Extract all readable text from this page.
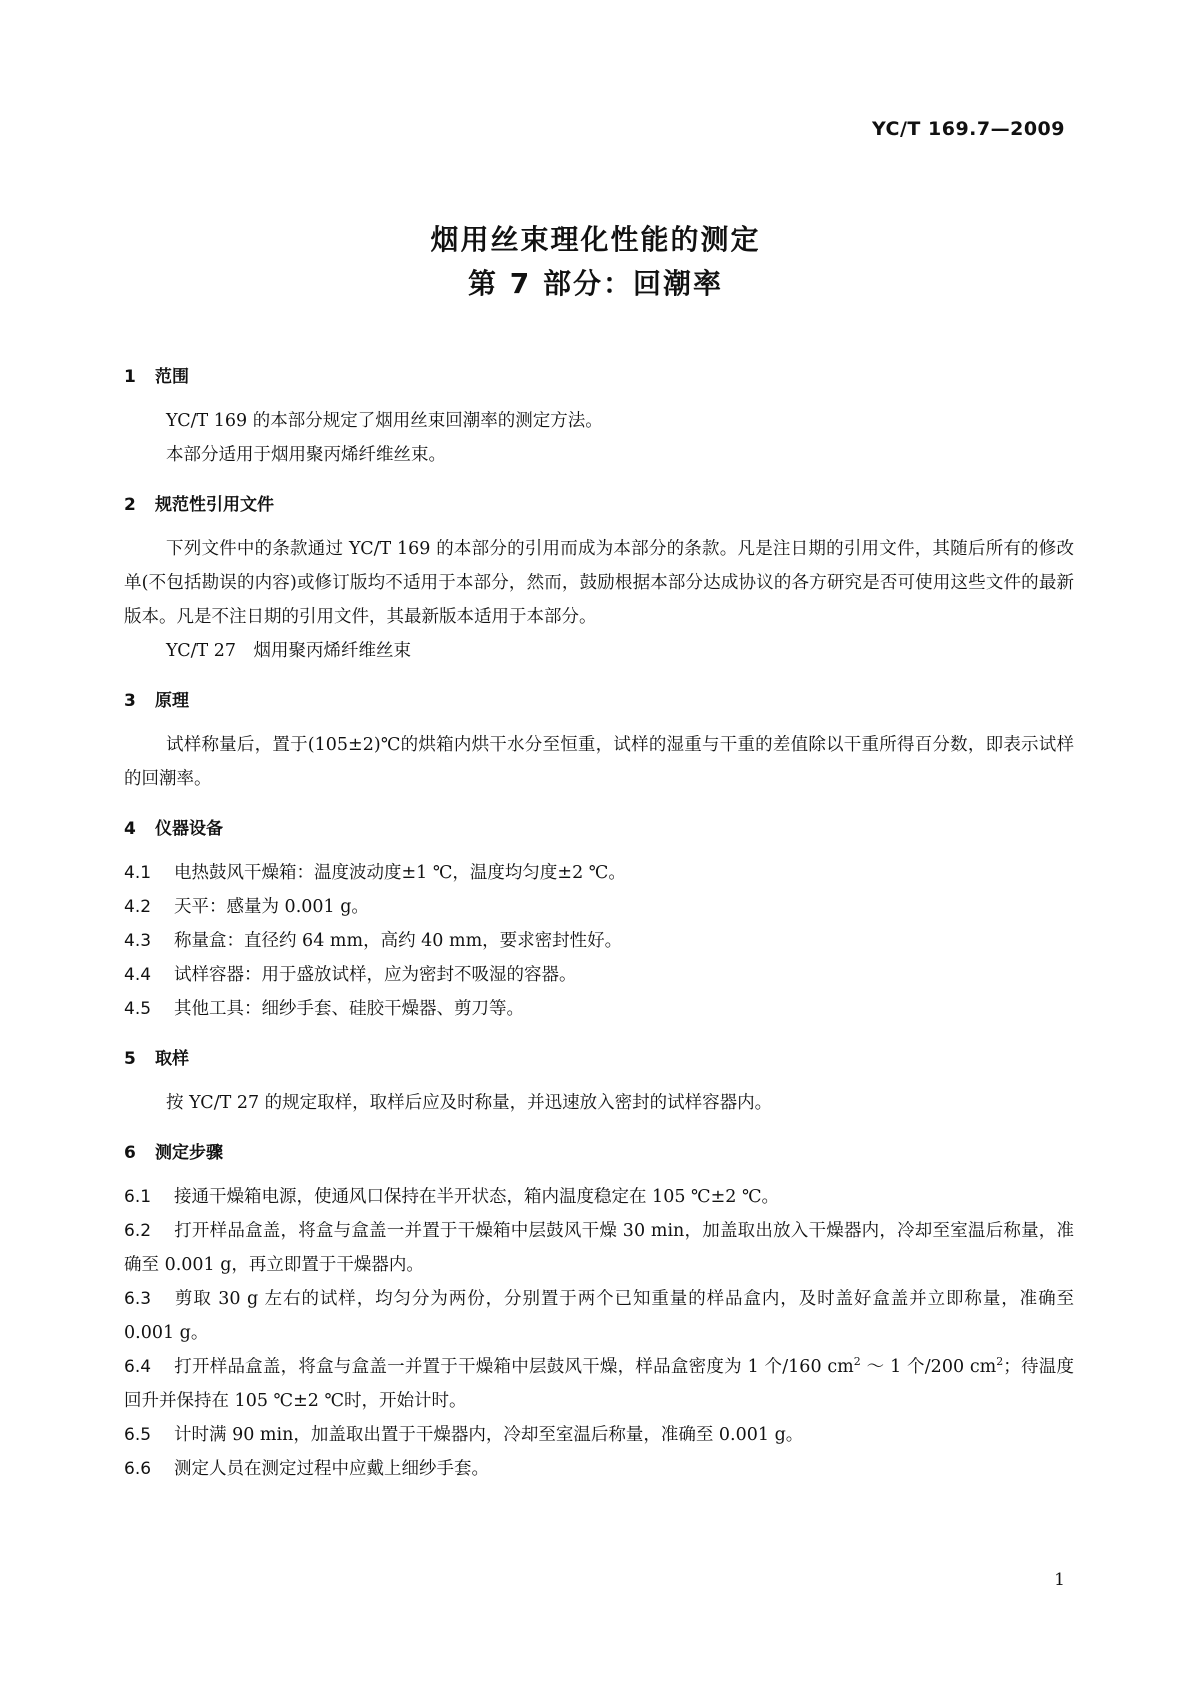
YC/T 169.7—2009
烟用丝束理化性能的测定
第 7 部分：回潮率
1 范围

YC/T 169 的本部分规定了烟用丝束回潮率的测定方法。

本部分适用于烟用聚丙烯纤维丝束。

2 规范性引用文件

下列文件中的条款通过 YC/T 169 的本部分的引用而成为本部分的条款。凡是注日期的引用文件，其随后所有的修改单(不包括勘误的内容)或修订版均不适用于本部分，然而，鼓励根据本部分达成协议的各方研究是否可使用这些文件的最新版本。凡是不注日期的引用文件，其最新版本适用于本部分。

YC/T 27　烟用聚丙烯纤维丝束

3 原理

试样称量后，置于(105±2)℃的烘箱内烘干水分至恒重，试样的湿重与干重的差值除以干重所得百分数，即表示试样的回潮率。

4 仪器设备

4.1 电热鼓风干燥箱：温度波动度±1 ℃，温度均匀度±2 ℃。

4.2 天平：感量为 0.001 g。

4.3 称量盒：直径约 64 mm，高约 40 mm，要求密封性好。

4.4 试样容器：用于盛放试样，应为密封不吸湿的容器。

4.5 其他工具：细纱手套、硅胶干燥器、剪刀等。

5 取样

按 YC/T 27 的规定取样，取样后应及时称量，并迅速放入密封的试样容器内。

6 测定步骤

6.1 接通干燥箱电源，使通风口保持在半开状态，箱内温度稳定在 105 ℃±2 ℃。

6.2 打开样品盒盖，将盒与盒盖一并置于干燥箱中层鼓风干燥 30 min，加盖取出放入干燥器内，冷却至室温后称量，准确至 0.001 g，再立即置于干燥器内。

6.3 剪取 30 g 左右的试样，均匀分为两份，分别置于两个已知重量的样品盒内，及时盖好盒盖并立即称量，准确至 0.001 g。

6.4 打开样品盒盖，将盒与盒盖一并置于干燥箱中层鼓风干燥，样品盒密度为 1 个/160 $cm^2$ ～ 1 个/200 $cm^2$；待温度回升并保持在 105 ℃±2 ℃时，开始计时。

6.5 计时满 90 min，加盖取出置于干燥器内，冷却至室温后称量，准确至 0.001 g。

6.6 测定人员在测定过程中应戴上细纱手套。

1
